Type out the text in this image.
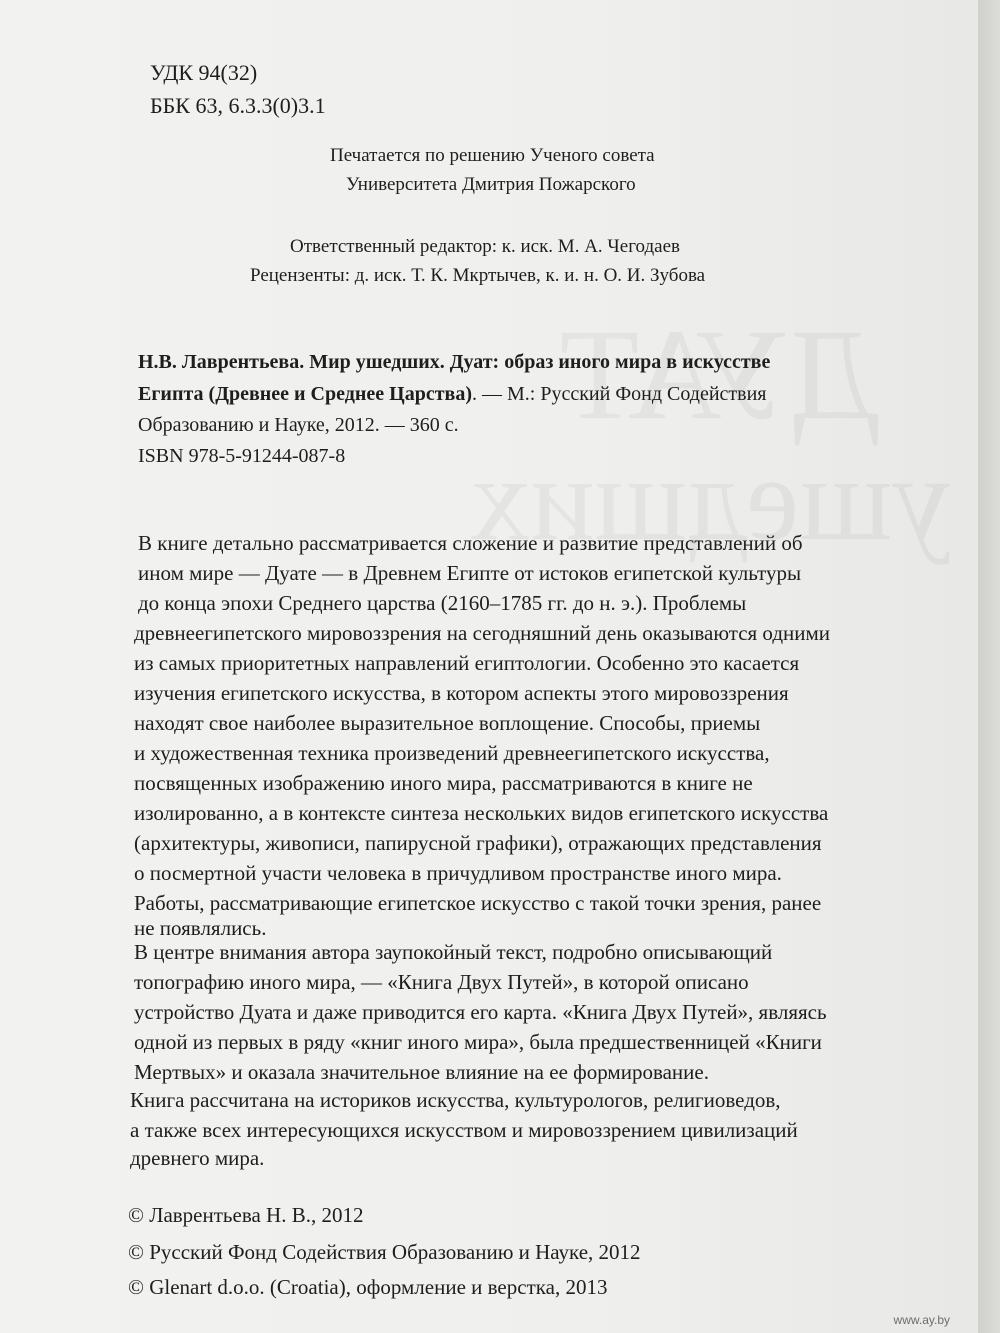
УДК 94(32)
ББК 63, 6.3.3(0)3.1
Печатается по решению Ученого совета
Университета Дмитрия Пожарского
Ответственный редактор: к. иск. М. А. Чегодаев
Рецензенты: д. иск. Т. К. Мкртычев, к. и. н. О. И. Зубова
Н.В. Лаврентьева. Мир ушедших. Дуат: образ иного мира в искусстве
Египта (Древнее и Среднее Царства). — М.: Русский Фонд Содействия
Образованию и Науке, 2012. — 360 с.
ISBN 978-5-91244-087-8
В книге детально рассматривается сложение и развитие представлений об
ином мире — Дуате — в Древнем Египте от истоков египетской культуры
до конца эпохи Среднего царства (2160–1785 гг. до н. э.). Проблемы
древнеегипетского мировоззрения на сегодняшний день оказываются одними
из самых приоритетных направлений египтологии. Особенно это касается
изучения египетского искусства, в котором аспекты этого мировоззрения
находят свое наиболее выразительное воплощение. Способы, приемы
и художественная техника произведений древнеегипетского искусства,
посвященных изображению иного мира, рассматриваются в книге не
изолированно, а в контексте синтеза нескольких видов египетского искусства
(архитектуры, живописи, папирусной графики), отражающих представления
о посмертной участи человека в причудливом пространстве иного мира.
Работы, рассматривающие египетское искусство с такой точки зрения, ранее
не появлялись.
В центре внимания автора заупокойный текст, подробно описывающий
топографию иного мира, — «Книга Двух Путей», в которой описано
устройство Дуата и даже приводится его карта. «Книга Двух Путей», являясь
одной из первых в ряду «книг иного мира», была предшественницей «Книги
Мертвых» и оказала значительное влияние на ее формирование.
Книга рассчитана на историков искусства, культурологов, религиоведов,
а также всех интересующихся искусством и мировоззрением цивилизаций
древнего мира.
© Лаврентьева Н. В., 2012
© Русский Фонд Содействия Образованию и Науке, 2012
© Glenart d.o.o. (Croatia), оформление и верстка, 2013
www.ay.by
